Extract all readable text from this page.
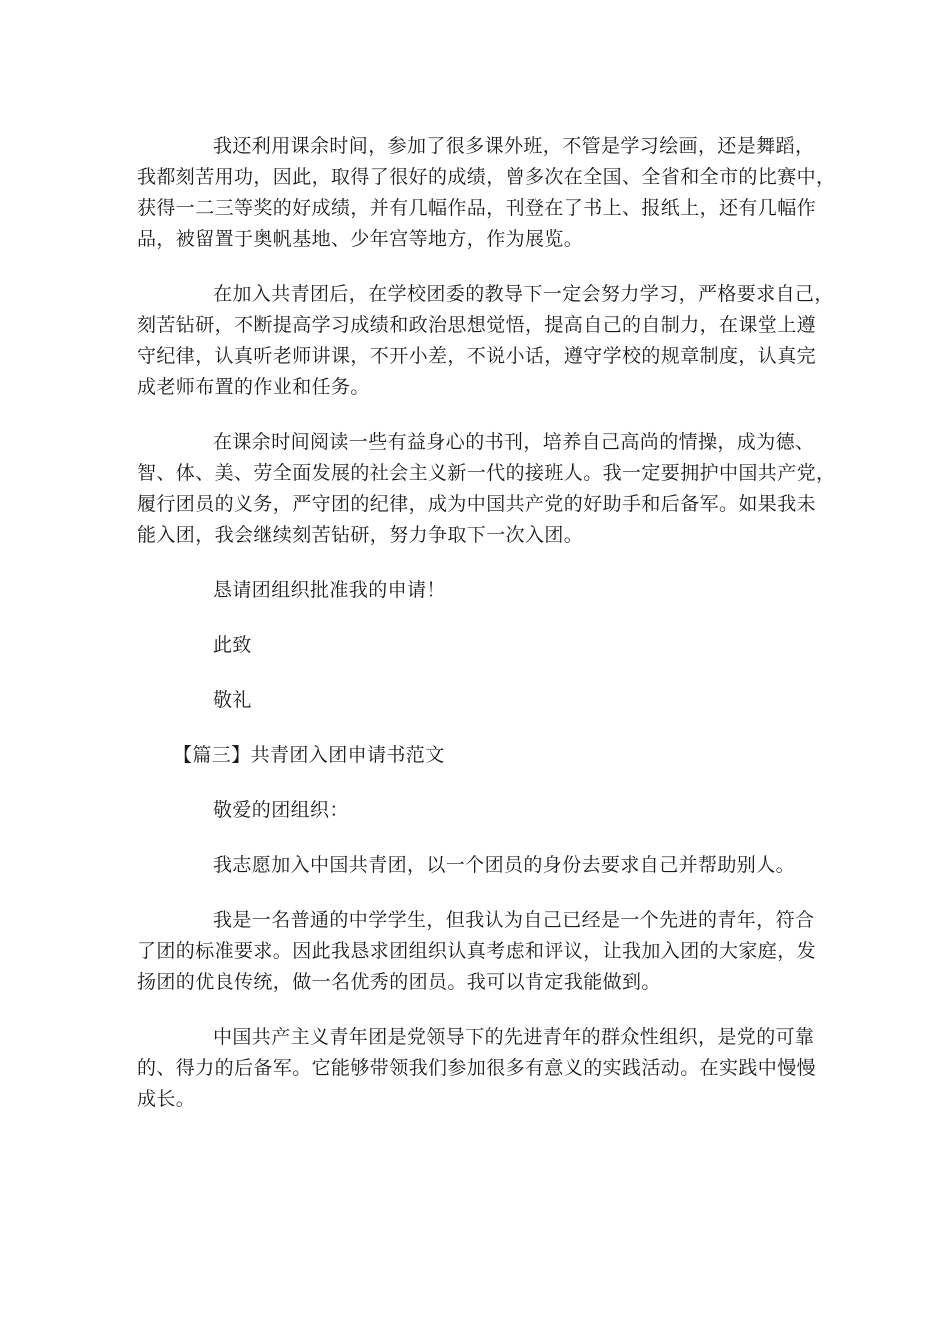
我还利用课余时间，参加了很多课外班，不管是学习绘画，还是舞蹈，
我都刻苦用功，因此，取得了很好的成绩，曾多次在全国、全省和全市的比赛中，
获得一二三等奖的好成绩，并有几幅作品，刊登在了书上、报纸上，还有几幅作
品，被留置于奥帆基地、少年宫等地方，作为展览。
在加入共青团后，在学校团委的教导下一定会努力学习，严格要求自己，
刻苦钻研，不断提高学习成绩和政治思想觉悟，提高自己的自制力，在课堂上遵
守纪律，认真听老师讲课，不开小差，不说小话，遵守学校的规章制度，认真完
成老师布置的作业和任务。
在课余时间阅读一些有益身心的书刊，培养自己高尚的情操，成为德、
智、体、美、劳全面发展的社会主义新一代的接班人。我一定要拥护中国共产党，
履行团员的义务，严守团的纪律，成为中国共产党的好助手和后备军。如果我未
能入团，我会继续刻苦钻研，努力争取下一次入团。
恳请团组织批准我的申请！
此致
敬礼
【篇三】共青团入团申请书范文
敬爱的团组织：
我志愿加入中国共青团，以一个团员的身份去要求自己并帮助别人。
我是一名普通的中学学生，但我认为自己已经是一个先进的青年，符合
了团的标准要求。因此我恳求团组织认真考虑和评议，让我加入团的大家庭，发
扬团的优良传统，做一名优秀的团员。我可以肯定我能做到。
中国共产主义青年团是党领导下的先进青年的群众性组织，是党的可靠
的、得力的后备军。它能够带领我们参加很多有意义的实践活动。在实践中慢慢
成长。
